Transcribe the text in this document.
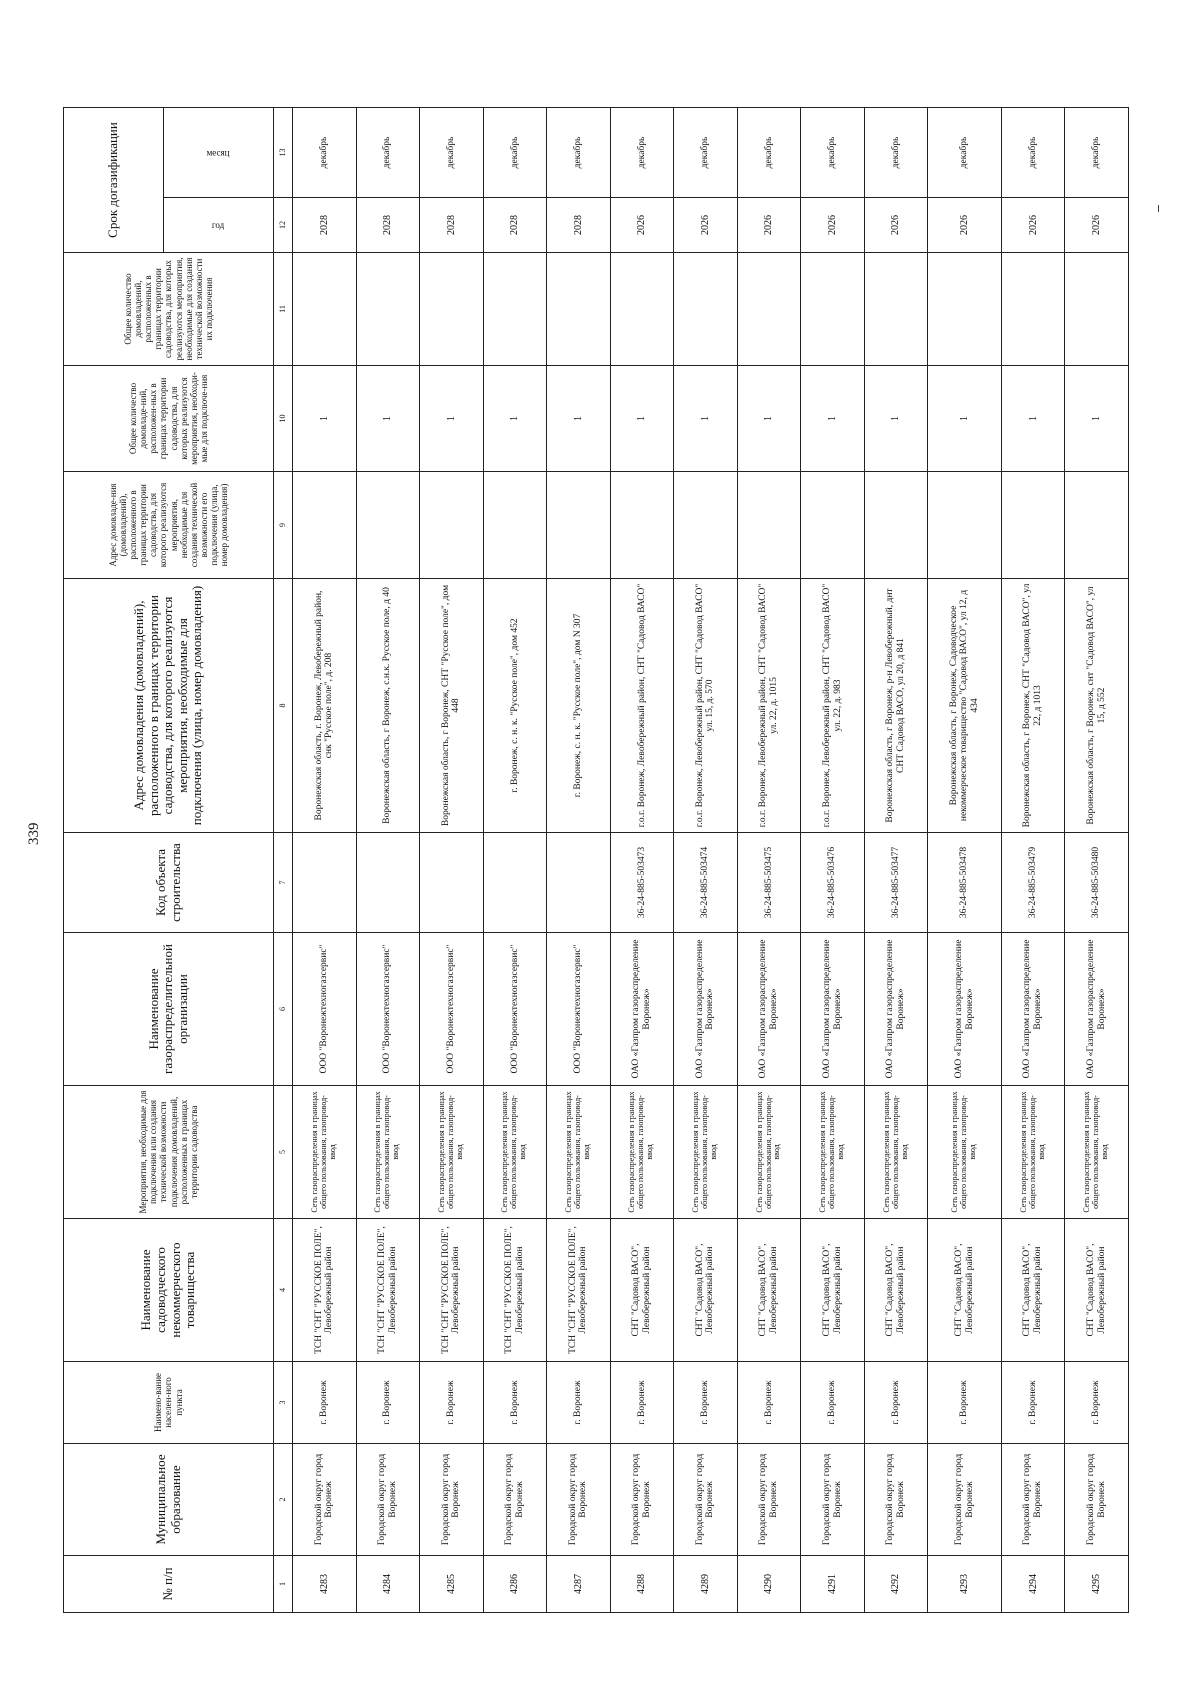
339
№ п/п	Муниципальное образование	Наимено-вание населен-ного пункта	Наименование садоводческого некоммерческого товарищества	Мероприятия, необходимые для подключения или создания технической возможности подключения домовладений, расположенных в границах территории садоводства	Наименование газораспределительной организации	Код объекта строительства	Адрес домовладения (домовладений), расположенного в границах территории садоводства, для которого реализуются мероприятия, необходимые для подключения (улица, номер домовладения)	Адрес домовладе-ния (домовладений), расположенного в границах территории садоводства, для которого реализуются мероприятия, необходимые для создания технической возможности его подключения (улица, номер домовладения)	Общее количество домовладе-ний, расположен-ных в границах территории садоводства, для которых реализуются мероприятия, необходи-мые для подключе-ния	Общее количество домовладений, расположенных в границах территории садоводства, для которых реализуются мероприятия, необходимые для создания технической возможности их подключения	Срок догазификации	

											год	месяц

1	2	3	4	5	6	7	8	9	10	11	12	13
4283	Городской округ город Воронеж	г. Воронеж	ТСН "СНТ "РУССКОЕ ПОЛЕ", Левобережный район	Сеть газораспределения в границах общего пользования, газопровод-ввод	ООО "Воронежтехногазсервис"		Воронежская область, г. Воронеж, Левобережный район, снк "Русское поле", д. 208		1		2028	декабрь
4284	Городской округ город Воронеж	г. Воронеж	ТСН "СНТ "РУССКОЕ ПОЛЕ", Левобережный район	Сеть газораспределения в границах общего пользования, газопровод-ввод	ООО "Воронежтехногазсервис"		Воронежская область, г Воронеж, с.н.к. Русское поле, д 40		1		2028	декабрь
4285	Городской округ город Воронеж	г. Воронеж	ТСН "СНТ "РУССКОЕ ПОЛЕ", Левобережный район	Сеть газораспределения в границах общего пользования, газопровод-ввод	ООО "Воронежтехногазсервис"		Воронежская область, г Воронеж, СНТ "Русское поле", дом 448		1		2028	декабрь
4286	Городской округ город Воронеж	г. Воронеж	ТСН "СНТ "РУССКОЕ ПОЛЕ", Левобережный район	Сеть газораспределения в границах общего пользования, газопровод-ввод	ООО "Воронежтехногазсервис"		г. Воронеж, с. н. к. "Русское поле", дом 452		1		2028	декабрь
4287	Городской округ город Воронеж	г. Воронеж	ТСН "СНТ "РУССКОЕ ПОЛЕ", Левобережный район	Сеть газораспределения в границах общего пользования, газопровод-ввод	ООО "Воронежтехногазсервис"		г. Воронеж, с. н. к. "Русское поле", дом N 307		1		2028	декабрь
4288	Городской округ город Воронеж	г. Воронеж	СНТ "Садовод ВАСО", Левобережный район	Сеть газораспределения в границах общего пользования, газопровод-ввод	ОАО «Газпром газораспределение Воронеж»	36-24-885-503473	г.о.г. Воронеж, Левобережный район, СНТ "Садовод ВАСО"		1		2026	декабрь
4289	Городской округ город Воронеж	г. Воронеж	СНТ "Садовод ВАСО", Левобережный район	Сеть газораспределения в границах общего пользования, газопровод-ввод	ОАО «Газпром газораспределение Воронеж»	36-24-885-503474	г.о.г. Воронеж, Левобережный район, СНТ "Садовод ВАСО" ул. 15, д. 570		1		2026	декабрь
4290	Городской округ город Воронеж	г. Воронеж	СНТ "Садовод ВАСО", Левобережный район	Сеть газораспределения в границах общего пользования, газопровод-ввод	ОАО «Газпром газораспределение Воронеж»	36-24-885-503475	г.о.г. Воронеж, Левобережный район, СНТ "Садовод ВАСО" ул. 22, д. 1015		1		2026	декабрь
4291	Городской округ город Воронеж	г. Воронеж	СНТ "Садовод ВАСО", Левобережный район	Сеть газораспределения в границах общего пользования, газопровод-ввод	ОАО «Газпром газораспределение Воронеж»	36-24-885-503476	г.о.г. Воронеж, Левобережный район, СНТ "Садовод ВАСО" ул. 22, д. 983		1		2026	декабрь
4292	Городской округ город Воронеж	г. Воронеж	СНТ "Садовод ВАСО", Левобережный район	Сеть газораспределения в границах общего пользования, газопровод-ввод	ОАО «Газпром газораспределение Воронеж»	36-24-885-503477	Воронежская область, г Воронеж, р-н Левобережный, днт СНТ Садовод ВАСО, ул 20, д 841		1		2026	декабрь
4293	Городской округ город Воронеж	г. Воронеж	СНТ "Садовод ВАСО", Левобережный район	Сеть газораспределения в границах общего пользования, газопровод-ввод	ОАО «Газпром газораспределение Воронеж»	36-24-885-503478	Воронежская область, г Воронеж, Садоводческое некоммерческое товарищество "Садовод ВАСО", ул 12, д 434		1		2026	декабрь
4294	Городской округ город Воронеж	г. Воронеж	СНТ "Садовод ВАСО", Левобережный район	Сеть газораспределения в границах общего пользования, газопровод-ввод	ОАО «Газпром газораспределение Воронеж»	36-24-885-503479	Воронежская область, г Воронеж, СНТ "Садовод ВАСО", ул 22, д 1013		1		2026	декабрь
4295	Городской округ город Воронеж	г. Воронеж	СНТ "Садовод ВАСО", Левобережный район	Сеть газораспределения в границах общего пользования, газопровод-ввод	ОАО «Газпром газораспределение Воронеж»	36-24-885-503480	Воронежская область, г Воронеж, снт "Садовод ВАСО", ул 15, д 552		1		2026	декабрь
